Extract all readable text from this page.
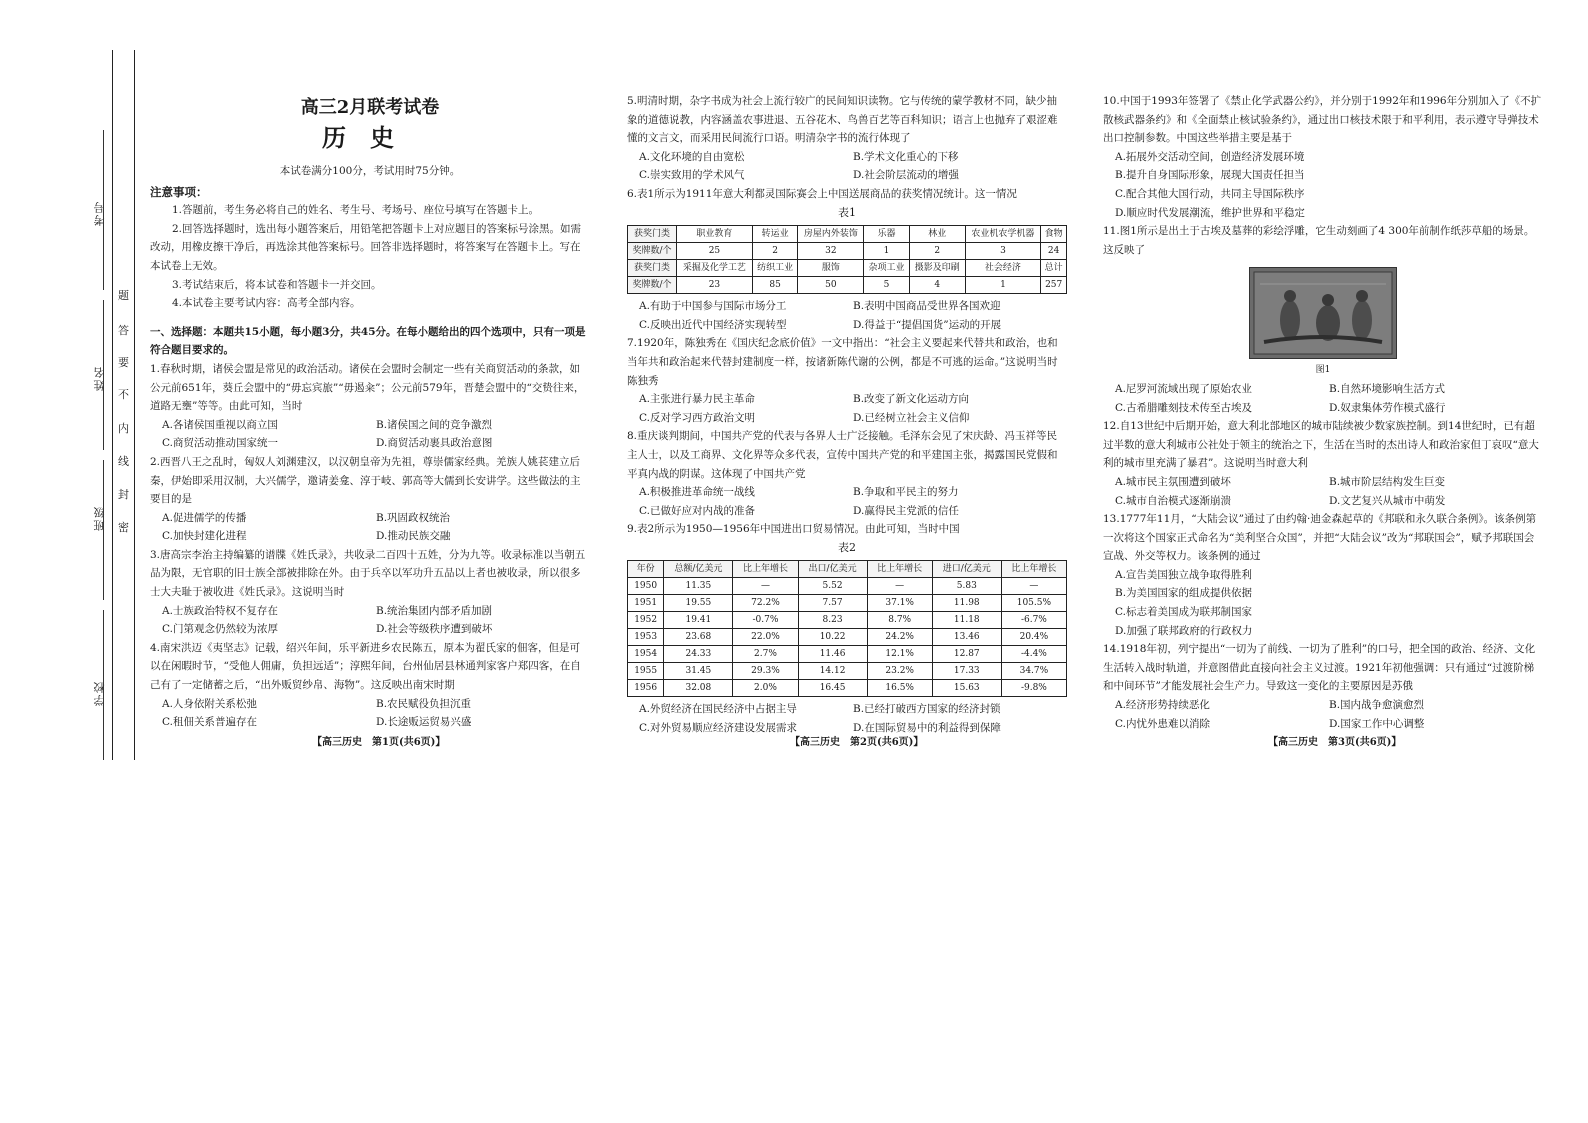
考号
姓名
班级
学校
题
答
要
不
内
线
封
密
高三2月联考试卷
历史
本试卷满分100分，考试用时75分钟。

注意事项：

1.答题前，考生务必将自己的姓名、考生号、考场号、座位号填写在答题卡上。

2.回答选择题时，选出每小题答案后，用铅笔把答题卡上对应题目的答案标号涂黑。如需改动，用橡皮擦干净后，再选涂其他答案标号。回答非选择题时，将答案写在答题卡上。写在本试卷上无效。

3.考试结束后，将本试卷和答题卡一并交回。

4.本试卷主要考试内容：高考全部内容。

一、选择题：本题共15小题，每小题3分，共45分。在每小题给出的四个选项中，只有一项是符合题目要求的。

1.春秋时期，诸侯会盟是常见的政治活动。诸侯在会盟时会制定一些有关商贸活动的条款，如公元前651年，葵丘会盟中的“毋忘宾旅”“毋遏籴”；公元前579年，晋楚会盟中的“交贽往来，道路无壅”等等。由此可知，当时

A.各诸侯国重视以商立国	B.诸侯国之间的竞争激烈
C.商贸活动推动国家统一	D.商贸活动裹具政治意图

2.西晋八王之乱时，匈奴人刘渊建汉，以汉朝皇帝为先祖，尊崇儒家经典。羌族人姚苌建立后秦，伊始即采用汉制，大兴儒学，邀请姜龛、淳于岐、郭高等大儒到长安讲学。这些做法的主要目的是

A.促进儒学的传播	B.巩固政权统治
C.加快封建化进程	D.推动民族交融

3.唐高宗李治主持编纂的谱牒《姓氏录》，共收录二百四十五姓，分为九等。收录标准以当朝五品为限，无官职的旧士族全部被排除在外。由于兵卒以军功升五品以上者也被收录，所以很多士大夫耻于被收进《姓氏录》。这说明当时

A.士族政治特权不复存在	B.统治集团内部矛盾加剧
C.门第观念仍然较为浓厚	D.社会等级秩序遭到破坏

4.南宋洪迈《夷坚志》记载，绍兴年间，乐平新进乡农民陈五，原本为翟氏家的佃客，但是可以在闲暇时节，“受他人佣庸，负担远适”；淳熙年间，台州仙居县林通判家客户郑四客，在自己有了一定储蓄之后，“出外贩贸纱帛、海物”。这反映出南宋时期

A.人身依附关系松弛	B.农民赋役负担沉重
C.租佃关系普遍存在	D.长途贩运贸易兴盛
【高三历史　第1页(共6页)】

5.明清时期，杂字书成为社会上流行较广的民间知识读物。它与传统的蒙学教材不同，缺少抽象的道德说教，内容涵盖农事进退、五谷花木、鸟兽百艺等百科知识；语言上也抛弃了艰涩难懂的文言文，而采用民间流行口语。明清杂字书的流行体现了

A.文化环境的自由宽松	B.学术文化重心的下移
C.崇实致用的学术风气	D.社会阶层流动的增强

6.表1所示为1911年意大利都灵国际赛会上中国送展商品的获奖情况统计。这一情况

表1
获奖门类	职业教育	转运业	房屋内外装饰	乐器	林业	农业机农学机器	食物
奖牌数/个	25	2	32	1	2	3	24
获奖门类	采掘及化学工艺	纺织工业	服饰	杂项工业	摄影及印刷	社会经济	总计
奖牌数/个	23	85	50	5	4	1	257
A.有助于中国参与国际市场分工	B.表明中国商品受世界各国欢迎
C.反映出近代中国经济实现转型	D.得益于“提倡国货”运动的开展

7.1920年，陈独秀在《国庆纪念底价值》一文中指出：“社会主义要起来代替共和政治，也和当年共和政治起来代替封建制度一样，按诸新陈代谢的公例，都是不可逃的运命。”这说明当时陈独秀

A.主张进行暴力民主革命	B.改变了新文化运动方向
C.反对学习西方政治文明	D.已经树立社会主义信仰

8.重庆谈判期间，中国共产党的代表与各界人士广泛接触。毛泽东会见了宋庆龄、冯玉祥等民主人士，以及工商界、文化界等众多代表，宣传中国共产党的和平建国主张，揭露国民党假和平真内战的阴谋。这体现了中国共产党

A.积极推进革命统一战线	B.争取和平民主的努力
C.已做好应对内战的准备	D.赢得民主党派的信任

9.表2所示为1950—1956年中国进出口贸易情况。由此可知，当时中国

表2
年份	总额/亿美元	比上年增长	出口/亿美元	比上年增长	进口/亿美元	比上年增长
1950	11.35	—	5.52	—	5.83	—
1951	19.55	72.2%	7.57	37.1%	11.98	105.5%
1952	19.41	-0.7%	8.23	8.7%	11.18	-6.7%
1953	23.68	22.0%	10.22	24.2%	13.46	20.4%
1954	24.33	2.7%	11.46	12.1%	12.87	-4.4%
1955	31.45	29.3%	14.12	23.2%	17.33	34.7%
1956	32.08	2.0%	16.45	16.5%	15.63	-9.8%
A.外贸经济在国民经济中占据主导	B.已经打破西方国家的经济封锁
C.对外贸易顺应经济建设发展需求	D.在国际贸易中的利益得到保障
【高三历史　第2页(共6页)】

10.中国于1993年签署了《禁止化学武器公约》，并分别于1992年和1996年分别加入了《不扩散核武器条约》和《全面禁止核试验条约》，通过出口核技术限于和平利用，表示遵守导弹技术出口控制参数。中国这些举措主要是基于

A.拓展外交活动空间，创造经济发展环境
B.提升自身国际形象，展现大国责任担当
C.配合其他大国行动，共同主导国际秩序
D.顺应时代发展潮流，维护世界和平稳定

11.图1所示是出土于古埃及墓葬的彩绘浮雕，它生动刻画了4 300年前制作纸莎草船的场景。这反映了

图1
A.尼罗河流域出现了原始农业	B.自然环境影响生活方式
C.古希腊雕刻技术传至古埃及	D.奴隶集体劳作模式盛行

12.自13世纪中后期开始，意大利北部地区的城市陆续被少数家族控制。到14世纪时，已有超过半数的意大利城市公社处于领主的统治之下，生活在当时的杰出诗人和政治家但丁哀叹“意大利的城市里充满了暴君”。这说明当时意大利

A.城市民主氛围遭到破坏	B.城市阶层结构发生巨变
C.城市自治模式逐渐崩溃	D.文艺复兴从城市中萌发

13.1777年11月，“大陆会议”通过了由约翰·迪金森起草的《邦联和永久联合条例》。该条例第一次将这个国家正式命名为“美利坚合众国”，并把“大陆会议”改为“邦联国会”，赋予邦联国会宣战、外交等权力。该条例的通过

A.宣告美国独立战争取得胜利
B.为美国国家的组成提供依据
C.标志着美国成为联邦制国家
D.加强了联邦政府的行政权力

14.1918年初，列宁提出“一切为了前线、一切为了胜利”的口号，把全国的政治、经济、文化生活转入战时轨道，并意图借此直接向社会主义过渡。1921年初他强调：只有通过“过渡阶梯和中间环节”才能发展社会生产力。导致这一变化的主要原因是苏俄

A.经济形势持续恶化	B.国内战争愈演愈烈
C.内忧外患难以消除	D.国家工作中心调整
【高三历史　第3页(共6页)】
